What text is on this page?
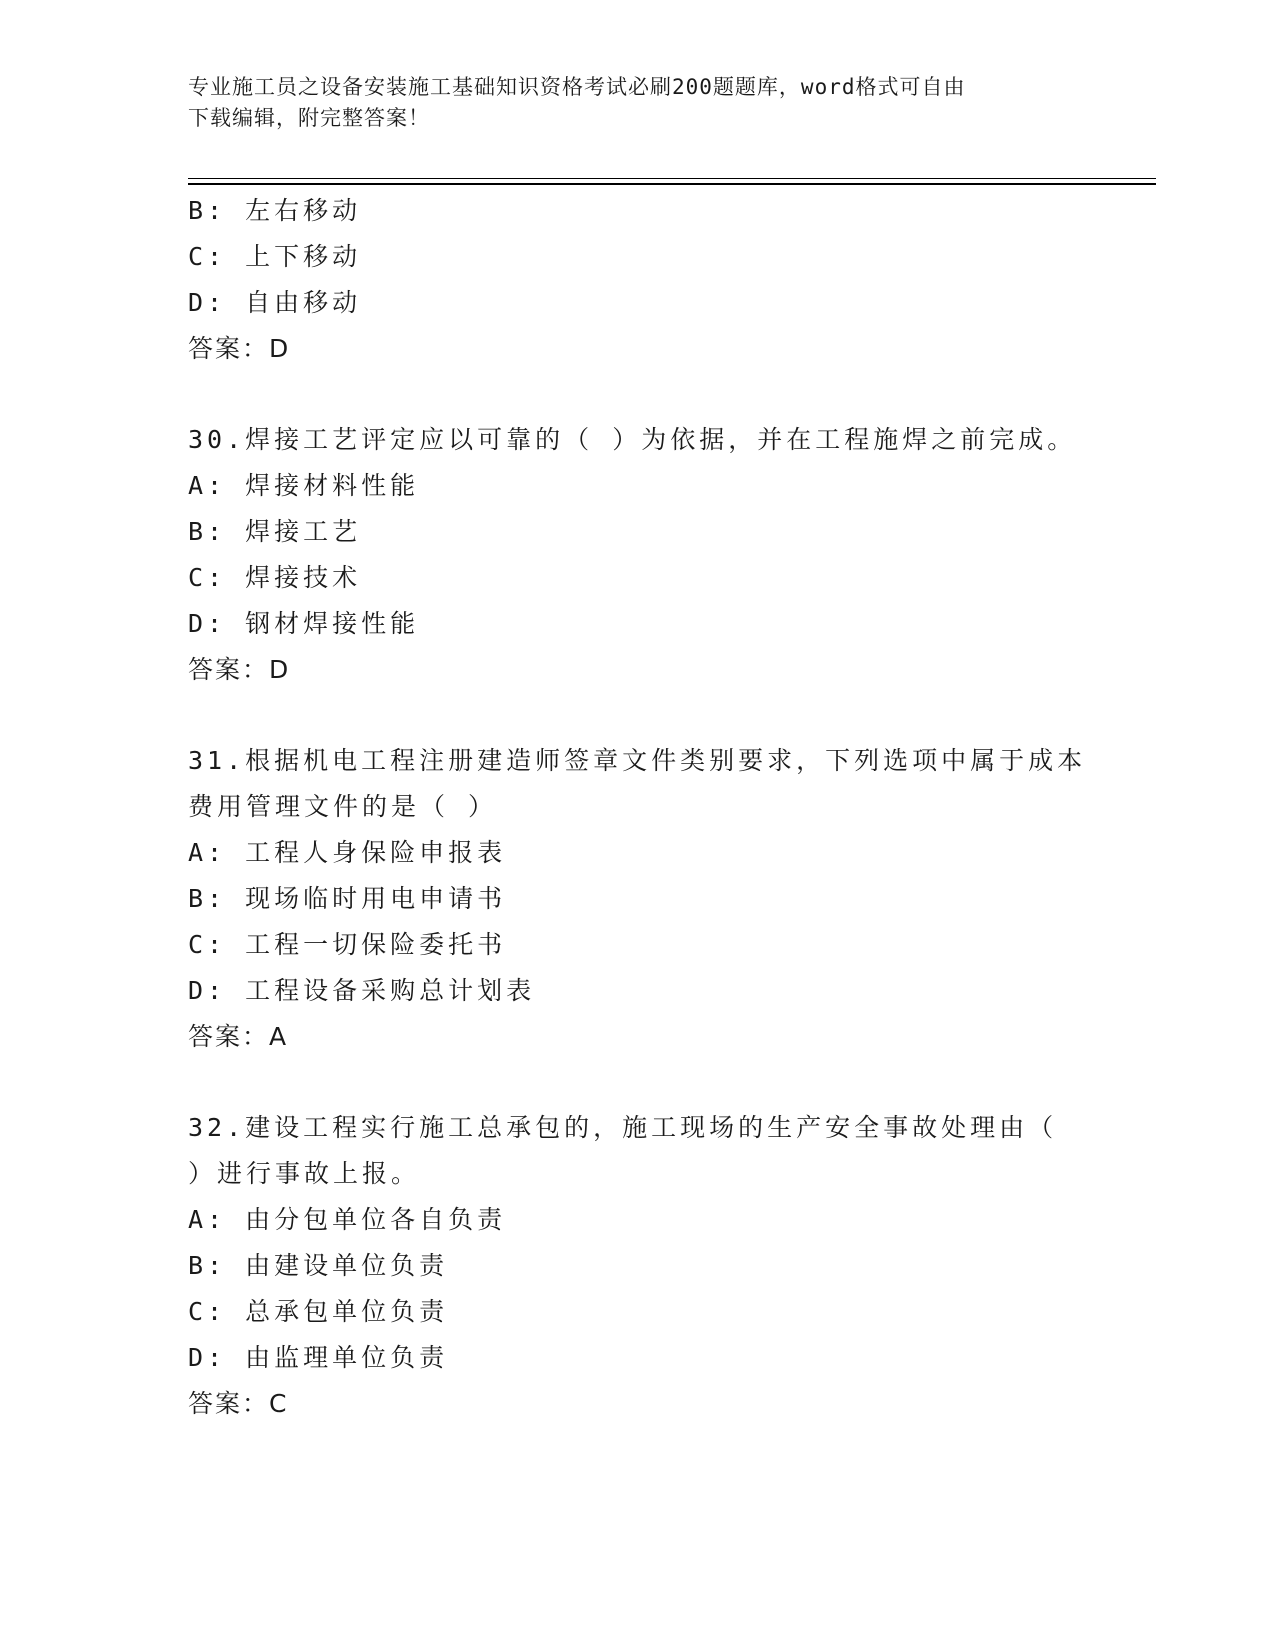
专业施工员之设备安装施工基础知识资格考试必刷200题题库，word格式可自由
下载编辑，附完整答案！
B: 左右移动
C: 上下移动
D: 自由移动
答案：D
30.焊接工艺评定应以可靠的（ ）为依据，并在工程施焊之前完成。
A: 焊接材料性能
B: 焊接工艺
C: 焊接技术
D: 钢材焊接性能
答案：D
31.根据机电工程注册建造师签章文件类别要求，下列选项中属于成本
费用管理文件的是（ ）
A: 工程人身保险申报表
B: 现场临时用电申请书
C: 工程一切保险委托书
D: 工程设备采购总计划表
答案：A
32.建设工程实行施工总承包的，施工现场的生产安全事故处理由（
）进行事故上报。
A: 由分包单位各自负责
B: 由建设单位负责
C: 总承包单位负责
D: 由监理单位负责
答案：C
